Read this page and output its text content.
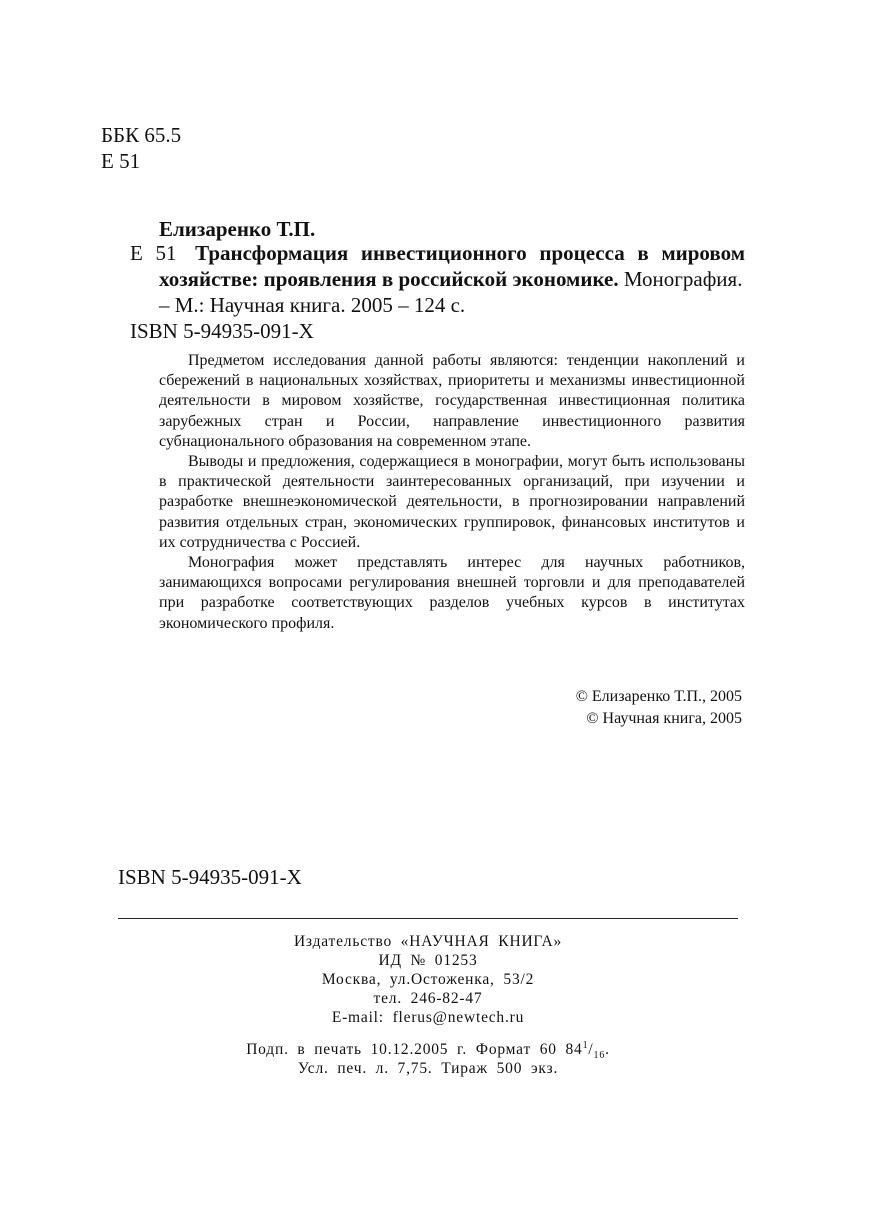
ББК 65.5
Е 51
Елизаренко Т.П.
Е 51 Трансформация инвестиционного процесса в мировом хозяйстве: проявления в российской экономике. Монография.
– М.: Научная книга. 2005 – 124 с.
ISBN 5-94935-091-X

Предметом исследования данной работы являются: тенденции накоплений и сбережений в национальных хозяйствах, приоритеты и механизмы инвестиционной деятельности в мировом хозяйстве, государственная инвестиционная политика зарубежных стран и России, направление инвестиционного развития субнационального образования на современном этапе.

Выводы и предложения, содержащиеся в монографии, могут быть использованы в практической деятельности заинтересованных организаций, при изучении и разработке внешнеэкономической деятельности, в прогнозировании направлений развития отдельных стран, экономических группировок, финансовых институтов и их сотрудничества с Россией.

Монография может представлять интерес для научных работников, занимающихся вопросами регулирования внешней торговли и для преподавателей при разработке соответствующих разделов учебных курсов в институтах экономического профиля.

© Елизаренко Т.П., 2005
© Научная книга, 2005
ISBN 5-94935-091-X
Издательство «НАУЧНАЯ КНИГА»
ИД № 01253
Москва, ул.Остоженка, 53/2
тел. 246-82-47
E-mail: flerus@newtech.ru
Подп. в печать 10.12.2005 г. Формат 60 $84^1/_{16}$.
Усл. печ. л. 7,75. Тираж 500 экз.
